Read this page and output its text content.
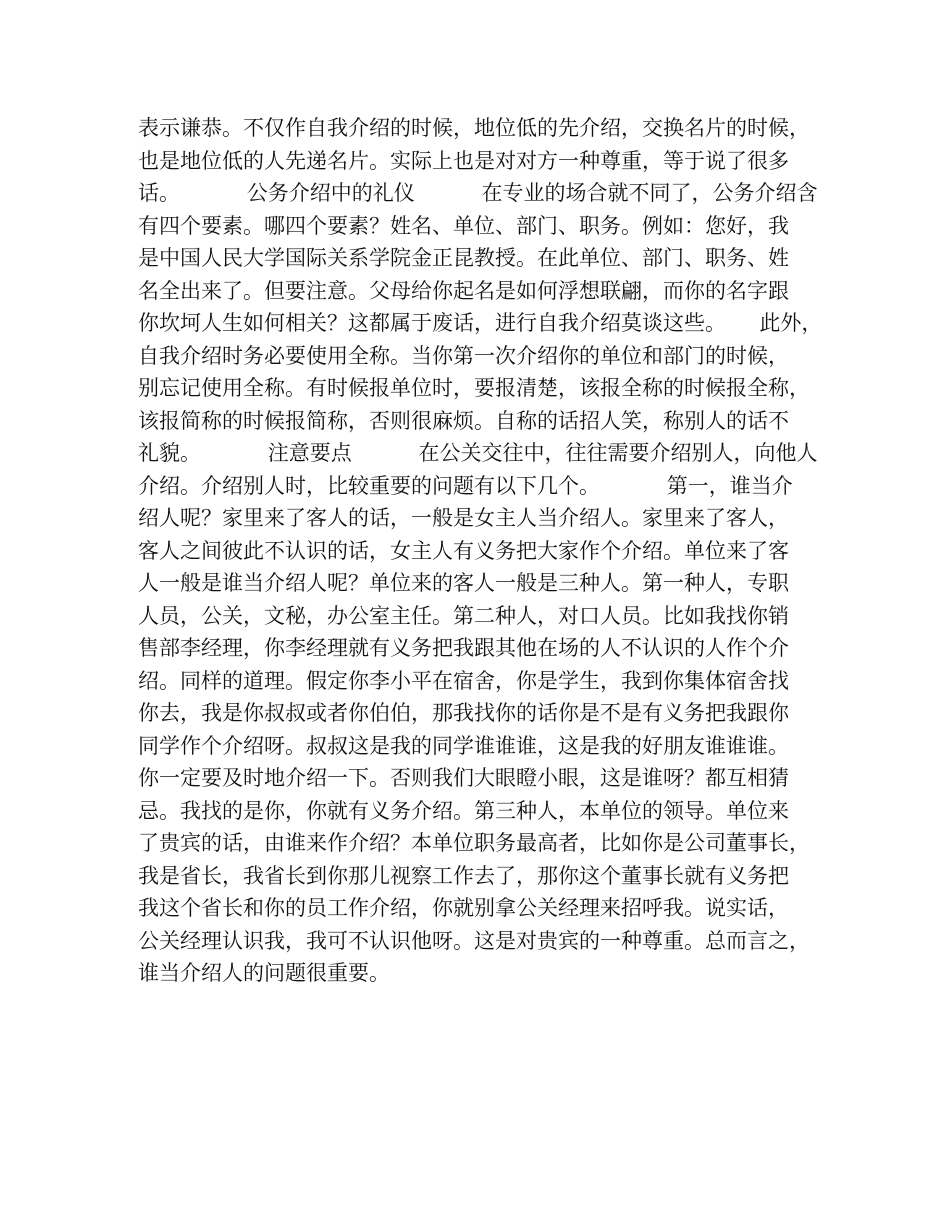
表示谦恭。不仅作自我介绍的时候，地位低的先介绍，交换名片的时候，
也是地位低的人先递名片。实际上也是对对方一种尊重，等于说了很多
话。          公务介绍中的礼仪          在专业的场合就不同了，公务介绍含
有四个要素。哪四个要素？姓名、单位、部门、职务。例如：您好，我
是中国人民大学国际关系学院金正昆教授。在此单位、部门、职务、姓
名全出来了。但要注意。父母给你起名是如何浮想联翩，而你的名字跟
你坎坷人生如何相关？这都属于废话，进行自我介绍莫谈这些。     此外，
自我介绍时务必要使用全称。当你第一次介绍你的单位和部门的时候，
别忘记使用全称。有时候报单位时，要报清楚，该报全称的时候报全称，
该报简称的时候报简称，否则很麻烦。自称的话招人笑，称别人的话不
礼貌。          注意要点          在公关交往中，往往需要介绍别人，向他人
介绍。介绍别人时，比较重要的问题有以下几个。          第一，谁当介
绍人呢？家里来了客人的话，一般是女主人当介绍人。家里来了客人，
客人之间彼此不认识的话，女主人有义务把大家作个介绍。单位来了客
人一般是谁当介绍人呢？单位来的客人一般是三种人。第一种人，专职
人员，公关，文秘，办公室主任。第二种人，对口人员。比如我找你销
售部李经理，你李经理就有义务把我跟其他在场的人不认识的人作个介
绍。同样的道理。假定你李小平在宿舍，你是学生，我到你集体宿舍找
你去，我是你叔叔或者你伯伯，那我找你的话你是不是有义务把我跟你
同学作个介绍呀。叔叔这是我的同学谁谁谁，这是我的好朋友谁谁谁。
你一定要及时地介绍一下。否则我们大眼瞪小眼，这是谁呀？都互相猜
忌。我找的是你，你就有义务介绍。第三种人，本单位的领导。单位来
了贵宾的话，由谁来作介绍？本单位职务最高者，比如你是公司董事长，
我是省长，我省长到你那儿视察工作去了，那你这个董事长就有义务把
我这个省长和你的员工作介绍，你就别拿公关经理来招呼我。说实话，
公关经理认识我，我可不认识他呀。这是对贵宾的一种尊重。总而言之，
谁当介绍人的问题很重要。
